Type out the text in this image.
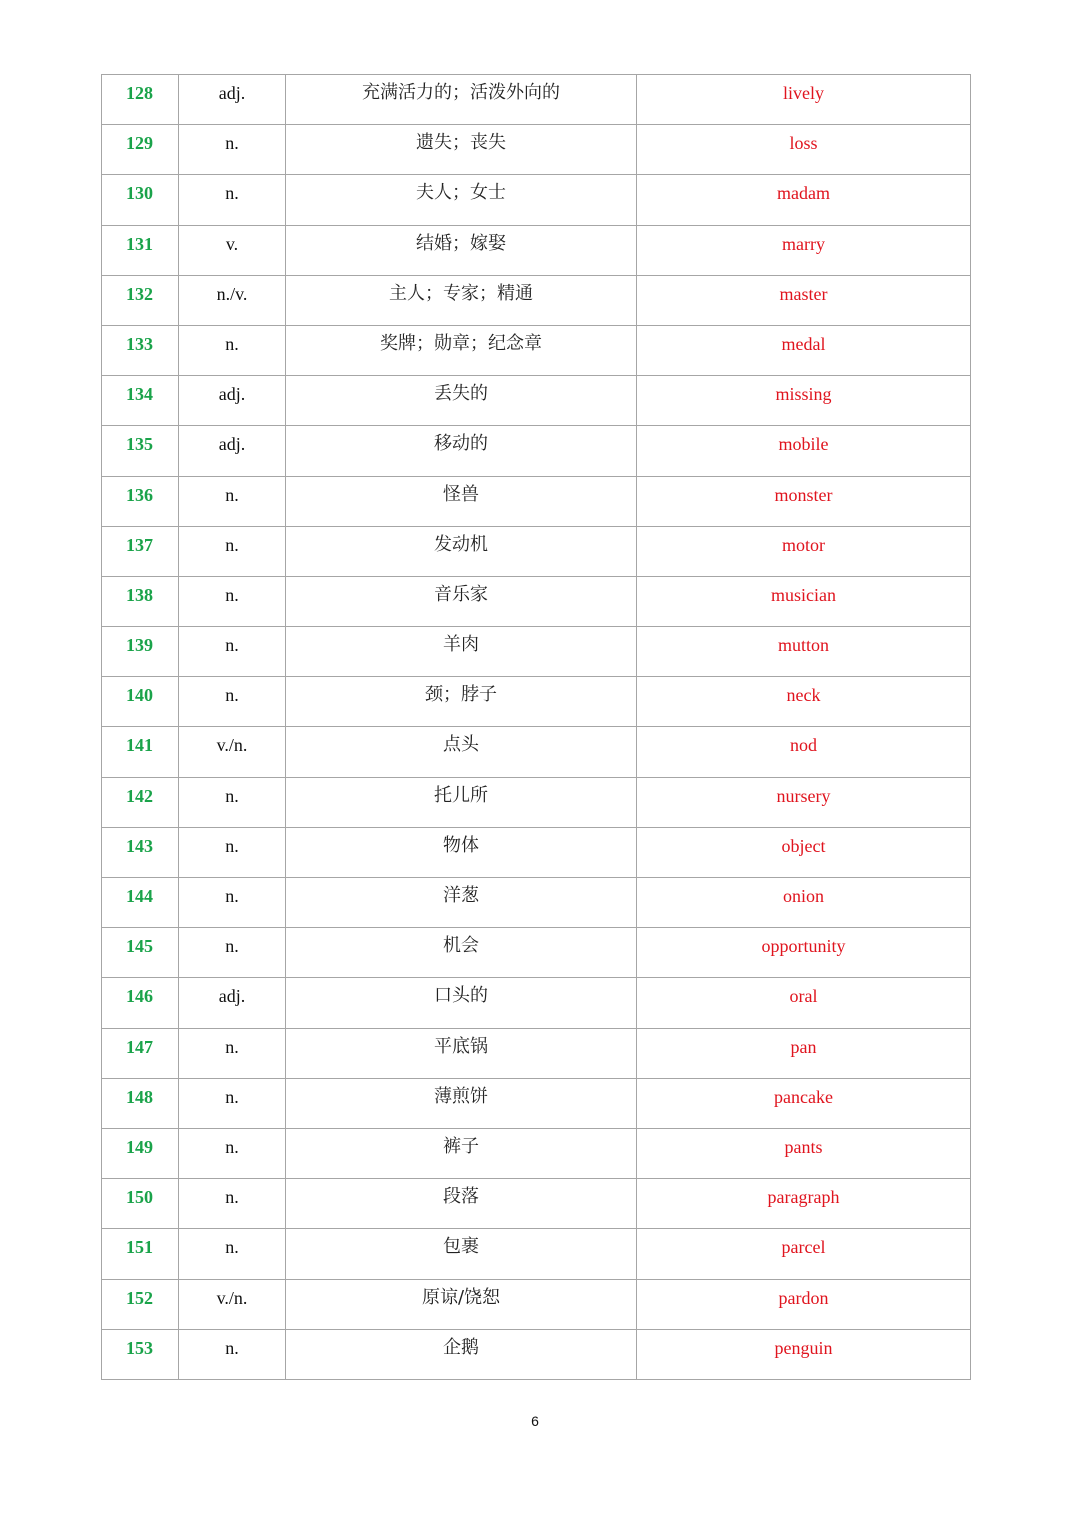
128	adj.	充满活力的；活泼外向的	lively
129	n.	遗失；丧失	loss
130	n.	夫人；女士	madam
131	v.	结婚；嫁娶	marry
132	n./v.	主人；专家；精通	master
133	n.	奖牌；勋章；纪念章	medal
134	adj.	丢失的	missing
135	adj.	移动的	mobile
136	n.	怪兽	monster
137	n.	发动机	motor
138	n.	音乐家	musician
139	n.	羊肉	mutton
140	n.	颈；脖子	neck
141	v./n.	点头	nod
142	n.	托儿所	nursery
143	n.	物体	object
144	n.	洋葱	onion
145	n.	机会	opportunity
146	adj.	口头的	oral
147	n.	平底锅	pan
148	n.	薄煎饼	pancake
149	n.	裤子	pants
150	n.	段落	paragraph
151	n.	包裹	parcel
152	v./n.	原谅/饶恕	pardon
153	n.	企鹅	penguin
6
